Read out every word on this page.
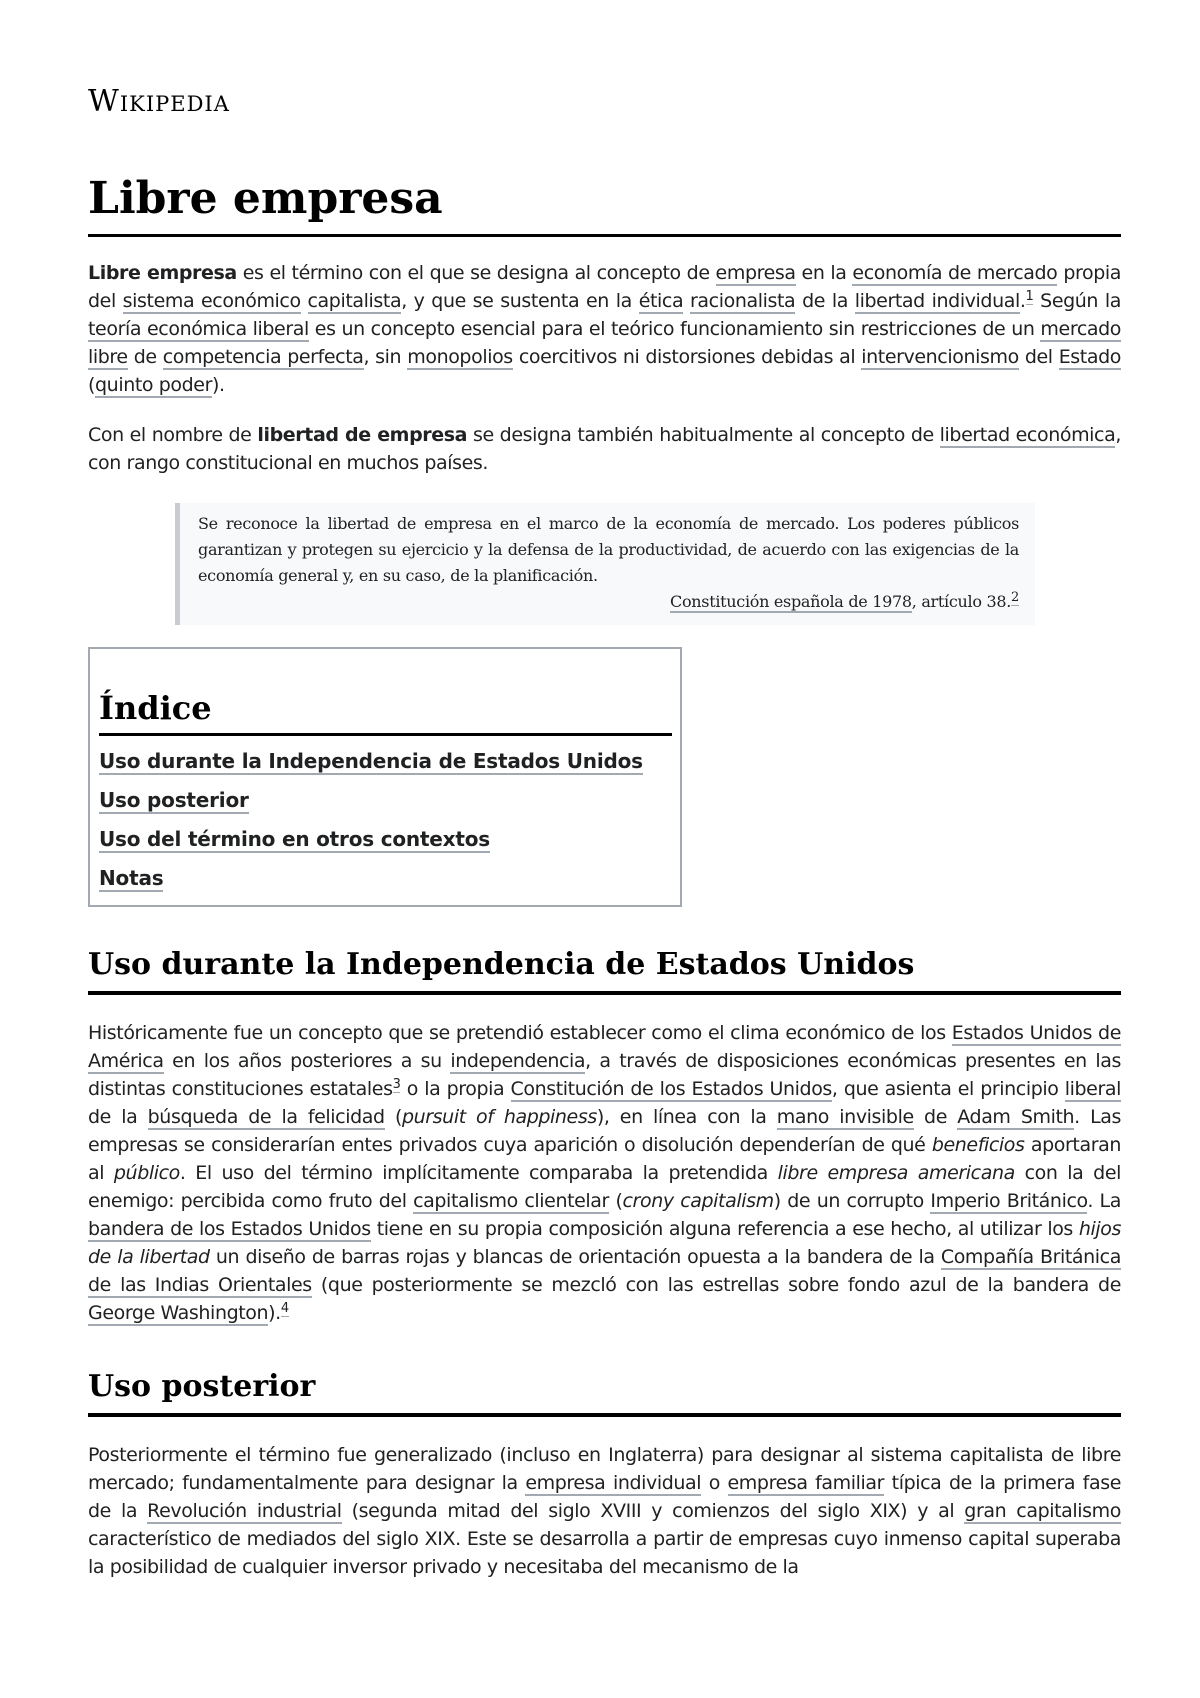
Wikipedia
Libre empresa

Libre empresa es el término con el que se designa al concepto de empresa en la economía de mercado propia del sistema económico capitalista, y que se sustenta en la ética racionalista de la libertad individual.$^1$ Según la teoría económica liberal es un concepto esencial para el teórico funcionamiento sin restricciones de un mercado libre de competencia perfecta, sin monopolios coercitivos ni distorsiones debidas al intervencionismo del Estado (quinto poder).

Con el nombre de libertad de empresa se designa también habitualmente al concepto de libertad económica, con rango constitucional en muchos países.

Se reconoce la libertad de empresa en el marco de la economía de mercado. Los poderes públicos garantizan y protegen su ejercicio y la defensa de la productividad, de acuerdo con las exigencias de la economía general y, en su caso, de la planificación.
Constitución española de 1978, artículo 38.$^2$
Índice
Uso durante la Independencia de Estados Unidos
Uso posterior
Uso del término en otros contextos
Notas
Uso durante la Independencia de Estados Unidos

Históricamente fue un concepto que se pretendió establecer como el clima económico de los Estados Unidos de América en los años posteriores a su independencia, a través de disposiciones económicas presentes en las distintas constituciones estatales$^3$ o la propia Constitución de los Estados Unidos, que asienta el principio liberal de la búsqueda de la felicidad (pursuit of happiness), en línea con la mano invisible de Adam Smith. Las empresas se considerarían entes privados cuya aparición o disolución dependerían de qué beneficios aportaran al público. El uso del término implícitamente comparaba la pretendida libre empresa americana con la del enemigo: percibida como fruto del capitalismo clientelar (crony capitalism) de un corrupto Imperio Británico. La bandera de los Estados Unidos tiene en su propia composición alguna referencia a ese hecho, al utilizar los hijos de la libertad un diseño de barras rojas y blancas de orientación opuesta a la bandera de la Compañía Británica de las Indias Orientales (que posteriormente se mezcló con las estrellas sobre fondo azul de la bandera de George Washington).$^4$

Uso posterior

Posteriormente el término fue generalizado (incluso en Inglaterra) para designar al sistema capitalista de libre mercado; fundamentalmente para designar la empresa individual o empresa familiar típica de la primera fase de la Revolución industrial (segunda mitad del siglo XVIII y comienzos del siglo XIX) y al gran capitalismo característico de mediados del siglo XIX. Este se desarrolla a partir de empresas cuyo inmenso capital superaba la posibilidad de cualquier inversor privado y necesitaba del mecanismo de la
